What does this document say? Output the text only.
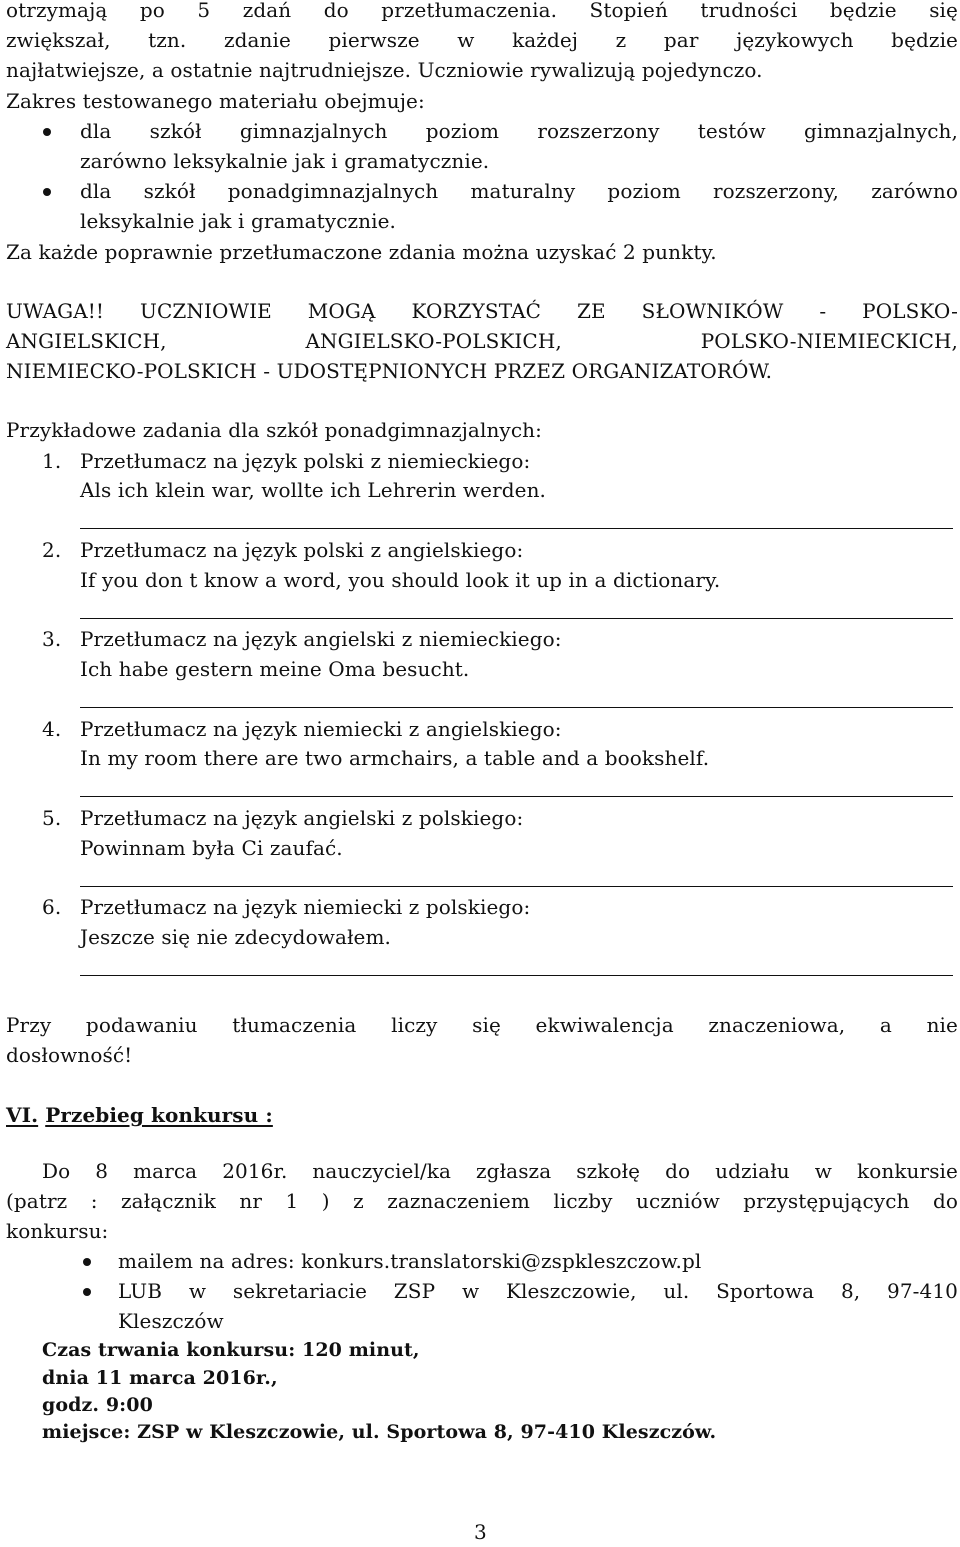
otrzymają po 5 zdań do przetłumaczenia. Stopień trudności będzie się
zwiększał, tzn. zdanie pierwsze w każdej z par językowych będzie
najłatwiejsze, a ostatnie najtrudniejsze. Uczniowie rywalizują pojedynczo.
Zakres testowanego materiału obejmuje:
dla szkół gimnazjalnych poziom rozszerzony testów gimnazjalnych,
zarówno leksykalnie jak i gramatycznie.
dla szkół ponadgimnazjalnych maturalny poziom rozszerzony, zarówno
leksykalnie jak i gramatycznie.
Za każde poprawnie przetłumaczone zdania można uzyskać 2 punkty.
UWAGA!! UCZNIOWIE MOGĄ KORZYSTAĆ ZE SŁOWNIKÓW - POLSKO-
ANGIELSKICH, ANGIELSKO-POLSKICH, POLSKO-NIEMIECKICH,
NIEMIECKO-POLSKICH - UDOSTĘPNIONYCH PRZEZ ORGANIZATORÓW.
Przykładowe zadania dla szkół ponadgimnazjalnych:
1. Przetłumacz na język polski z niemieckiego:
Als ich klein war, wollte ich Lehrerin werden.
2. Przetłumacz na język polski z angielskiego:
If you don t know a word, you should look it up in a dictionary.
3. Przetłumacz na język angielski z niemieckiego:
Ich habe gestern meine Oma besucht.
4. Przetłumacz na język niemiecki z angielskiego:
In my room there are two armchairs, a table and a bookshelf.
5. Przetłumacz na język angielski z polskiego:
Powinnam była Ci zaufać.
6. Przetłumacz na język niemiecki z polskiego:
Jeszcze się nie zdecydowałem.
Przy podawaniu tłumaczenia liczy się ekwiwalencja znaczeniowa, a nie
dosłowność!
VI. Przebieg konkursu :
Do 8 marca 2016r. nauczyciel/ka zgłasza szkołę do udziału w konkursie
(patrz : załącznik nr 1 ) z zaznaczeniem liczby uczniów przystępujących do
konkursu:
mailem na adres: konkurs.translatorski@zspkleszczow.pl
LUB w sekretariacie ZSP w Kleszczowie, ul. Sportowa 8, 97-410
Kleszczów
Czas trwania konkursu: 120 minut,
dnia 11 marca 2016r.,
godz. 9:00
miejsce: ZSP w Kleszczowie, ul. Sportowa 8, 97-410 Kleszczów.
3
